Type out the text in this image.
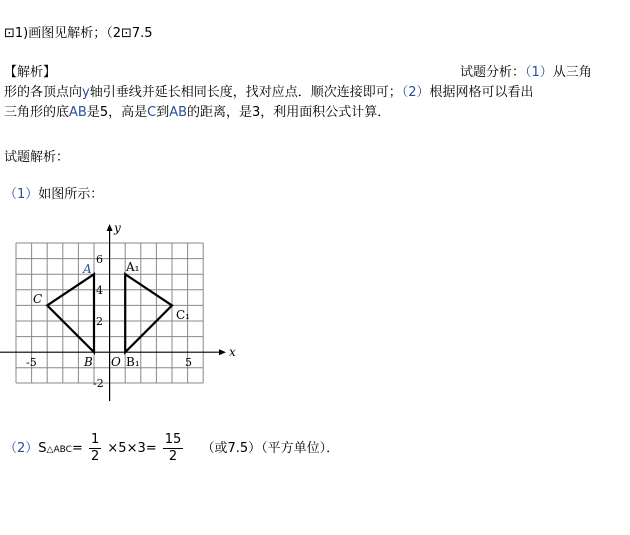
⊡1)画图见解析；（2⊡7.5
【解析】	试题分析：（1）从三角
形的各顶点向y轴引垂线并延长相同长度，找对应点．顺次连接即可；（2）根据网格可以看出
三角形的底AB是5，高是C到AB的距离，是3，利用面积公式计算．
试题解析：
（1）如图所示：
x
y
O
-5	5
6
4
2
-2
A
B
C
A₁
B₁
C₁
（2）S△ABC= $\frac{1}{2} \times 5\times 3= \frac{15}{2}$ （或7.5）（平方单位）．
